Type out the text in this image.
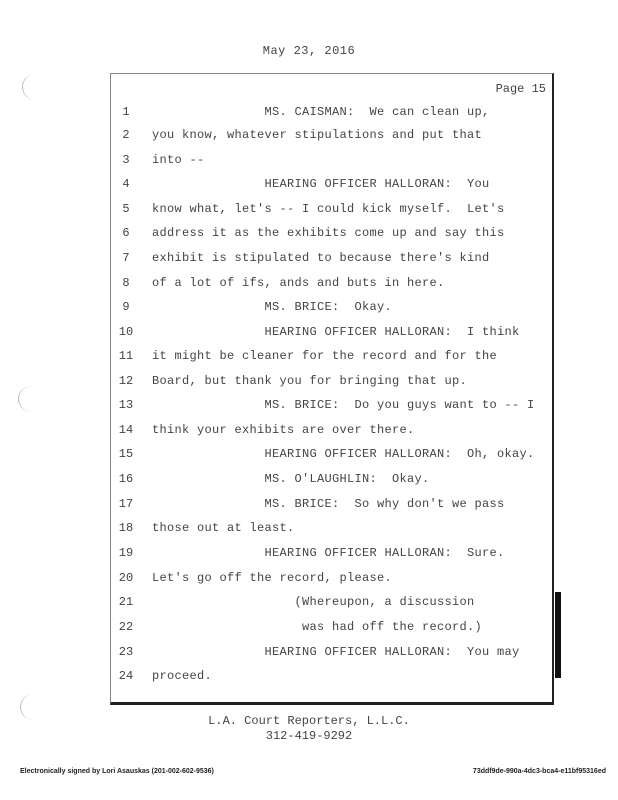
May 23, 2016
Page 15
1	MS. CAISMAN:  We can clean up,
2	you know, whatever stipulations and put that
3	into --
4	HEARING OFFICER HALLORAN:  You
5	know what, let's -- I could kick myself.  Let's
6	address it as the exhibits come up and say this
7	exhibit is stipulated to because there's kind
8	of a lot of ifs, ands and buts in here.
9	MS. BRICE:  Okay.
10	HEARING OFFICER HALLORAN:  I think
11	it might be cleaner for the record and for the
12	Board, but thank you for bringing that up.
13	MS. BRICE:  Do you guys want to -- I
14	think your exhibits are over there.
15	HEARING OFFICER HALLORAN:  Oh, okay.
16	MS. O'LAUGHLIN:  Okay.
17	MS. BRICE:  So why don't we pass
18	those out at least.
19	HEARING OFFICER HALLORAN:  Sure.
20	Let's go off the record, please.
21	(Whereupon, a discussion
22	was had off the record.)
23	HEARING OFFICER HALLORAN:  You may
24	proceed.
L.A. Court Reporters, L.L.C.
312-419-9292
Electronically signed by Lori Asauskas (201-002-602-9536)	73ddf9de-990a-4dc3-bca4-e11bf95316ed
